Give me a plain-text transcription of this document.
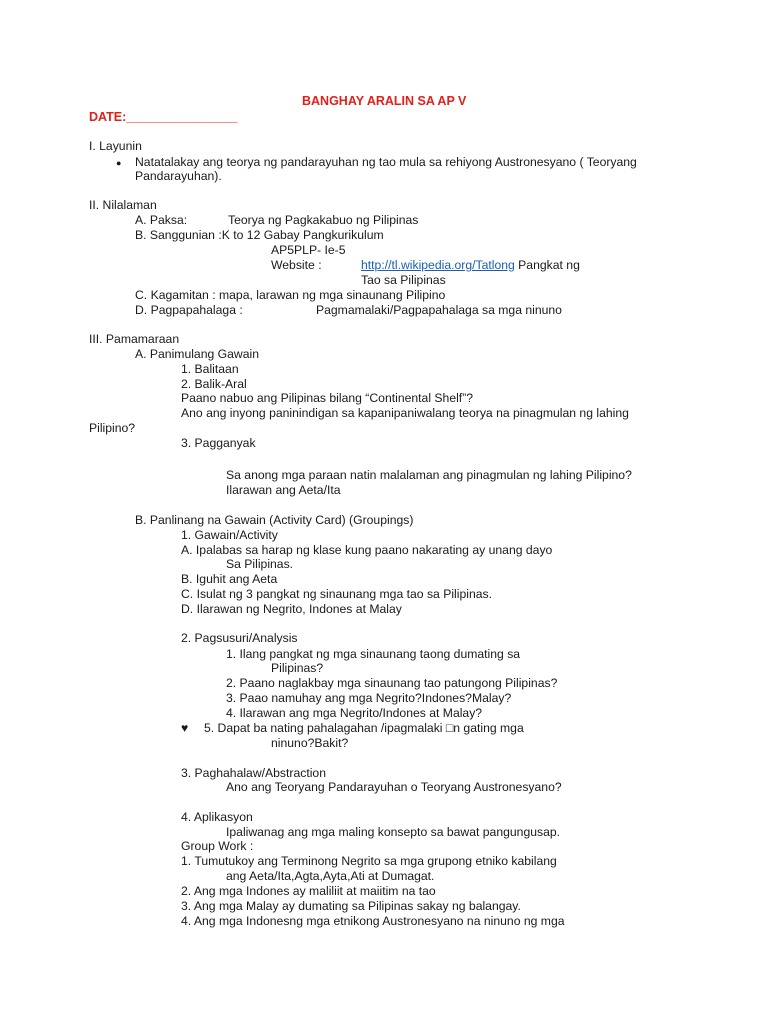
BANGHAY ARALIN SA AP V
DATE:________________
I. Layunin
● Natatalakay ang teorya ng pandarayuhan ng tao mula sa rehiyong Austronesyano ( Teoryang
Pandarayuhan).
II. Nilalaman
A. Paksa:	Teorya ng Pagkakabuo ng Pilipinas
B. Sanggunian :K to 12 Gabay Pangkurikulum
AP5PLP- Ie-5
Website :	http://tl.wikipedia.org/Tatlong Pangkat ng
Tao sa Pilipinas
C. Kagamitan : mapa, larawan ng mga sinaunang Pilipino
D. Pagpapahalaga :	Pagmamalaki/Pagpapahalaga sa mga ninuno
III. Pamamaraan
A. Panimulang Gawain
1. Balitaan
2. Balik-Aral
Paano nabuo ang Pilipinas bilang “Continental Shelf”?
Ano ang inyong paninindigan sa kapanipaniwalang teorya na pinagmulan ng lahing
Pilipino?
3. Pagganyak
Sa anong mga paraan natin malalaman ang pinagmulan ng lahing Pilipino?
Ilarawan ang Aeta/Ita
B. Panlinang na Gawain (Activity Card) (Groupings)
1. Gawain/Activity
A. Ipalabas sa harap ng klase kung paano nakarating ay unang dayo
Sa Pilipinas.
B. Iguhit ang Aeta
C. Isulat ng 3 pangkat ng sinaunang mga tao sa Pilipinas.
D. Ilarawan ng Negrito, Indones at Malay
2. Pagsusuri/Analysis
1. Ilang pangkat ng mga sinaunang taong dumating sa
Pilipinas?
2. Paano naglakbay mga sinaunang tao patungong Pilipinas?
3. Paao namuhay ang mga Negrito?Indones?Malay?
4. Ilarawan ang mga Negrito/Indones at Malay?
♥ 5. Dapat ba nating pahalagahan /ipagmalaki □n gating mga
ninuno?Bakit?
3. Paghahalaw/Abstraction
Ano ang Teoryang Pandarayuhan o Teoryang Austronesyano?
4. Aplikasyon
Ipaliwanag ang mga maling konsepto sa bawat pangungusap.
Group Work :
1. Tumutukoy ang Terminong Negrito sa mga grupong etniko kabilang
ang Aeta/Ita,Agta,Ayta,Ati at Dumagat.
2. Ang mga Indones ay maliliit at maiitim na tao
3. Ang mga Malay ay dumating sa Pilipinas sakay ng balangay.
4. Ang mga Indonesng mga etnikong Austronesyano na ninuno ng mga
